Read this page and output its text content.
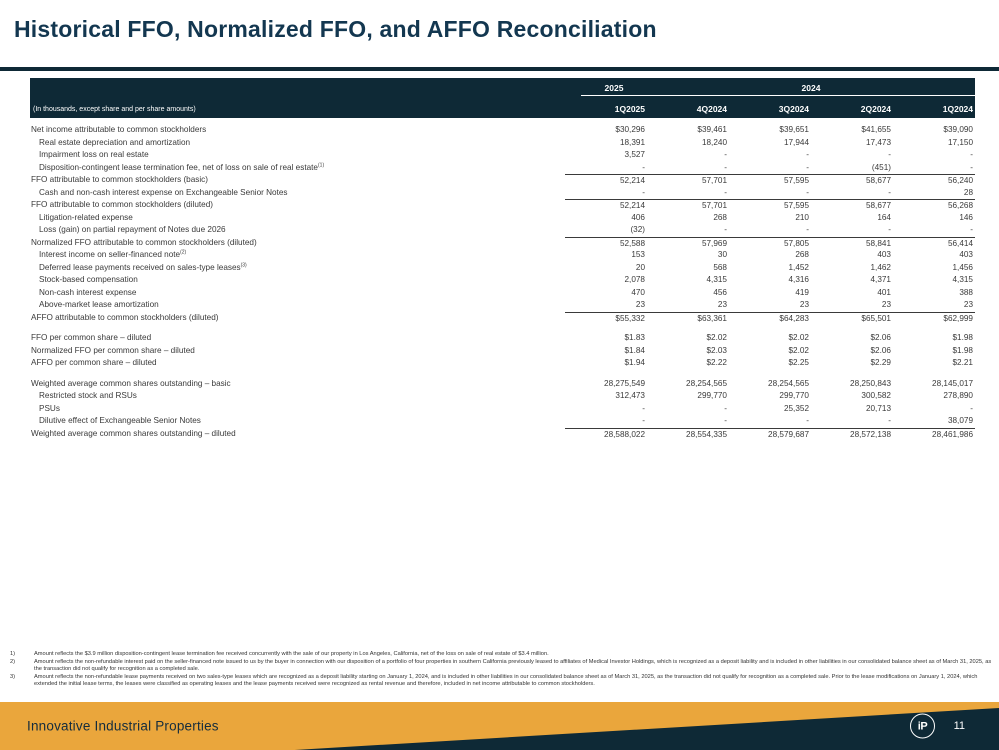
Historical FFO, Normalized FFO, and AFFO Reconciliation
2025	2024
(In thousands, except share and per share amounts)	1Q2025	4Q2024	3Q2024	2Q2024	1Q2024
Net income attributable to common stockholders	$30,296	$39,461	$39,651	$41,655	$39,090
Real estate depreciation and amortization	18,391	18,240	17,944	17,473	17,150
Impairment loss on real estate	3,527	-	-	-	-
Disposition-contingent lease termination fee, net of loss on sale of real estate$^{(1)}$	-	-	-	(451)	-
FFO attributable to common stockholders (basic)	52,214	57,701	57,595	58,677	56,240
Cash and non-cash interest expense on Exchangeable Senior Notes	-	-	-	-	28
FFO attributable to common stockholders (diluted)	52,214	57,701	57,595	58,677	56,268
Litigation-related expense	406	268	210	164	146
Loss (gain) on partial repayment of Notes due 2026	(32)	-	-	-	-
Normalized FFO attributable to common stockholders (diluted)	52,588	57,969	57,805	58,841	56,414
Interest income on seller-financed note$^{(2)}$	153	30	268	403	403
Deferred lease payments received on sales-type leases$^{(3)}$	20	568	1,452	1,462	1,456
Stock-based compensation	2,078	4,315	4,316	4,371	4,315
Non-cash interest expense	470	456	419	401	388
Above-market lease amortization	23	23	23	23	23
AFFO attributable to common stockholders (diluted)	$55,332	$63,361	$64,283	$65,501	$62,999
FFO per common share – diluted	$1.83	$2.02	$2.02	$2.06	$1.98
Normalized FFO per common share – diluted	$1.84	$2.03	$2.02	$2.06	$1.98
AFFO per common share – diluted	$1.94	$2.22	$2.25	$2.29	$2.21
Weighted average common shares outstanding – basic	28,275,549	28,254,565	28,254,565	28,250,843	28,145,017
Restricted stock and RSUs	312,473	299,770	299,770	300,582	278,890
PSUs	-	-	25,352	20,713	-
Dilutive effect of Exchangeable Senior Notes	-	-	-	-	38,079
Weighted average common shares outstanding – diluted	28,588,022	28,554,335	28,579,687	28,572,138	28,461,986
1)	Amount reflects the $3.9 million disposition-contingent lease termination fee received concurrently with the sale of our property in Los Angeles, California, net of the loss on sale of real estate of $3.4 million.
2)	Amount reflects the non-refundable interest paid on the seller-financed note issued to us by the buyer in connection with our disposition of a portfolio of four properties in southern California previously leased to affiliates of Medical Investor Holdings, which is recognized as a deposit liability and is included in other liabilities in our consolidated balance sheet as of March 31, 2025, as the transaction did not qualify for recognition as a completed sale.
3)	Amount reflects the non-refundable lease payments received on two sales-type leases which are recognized as a deposit liability starting on January 1, 2024, and is included in other liabilities in our consolidated balance sheet as of March 31, 2025, as the transaction did not qualify for recognition as a completed sale. Prior to the lease modifications on January 1, 2024, which extended the initial lease terms, the leases were classified as operating leases and the lease payments received were recognized as rental revenue and therefore, included in net income attributable to common stockholders.
Innovative Industrial Properties	iP 11
